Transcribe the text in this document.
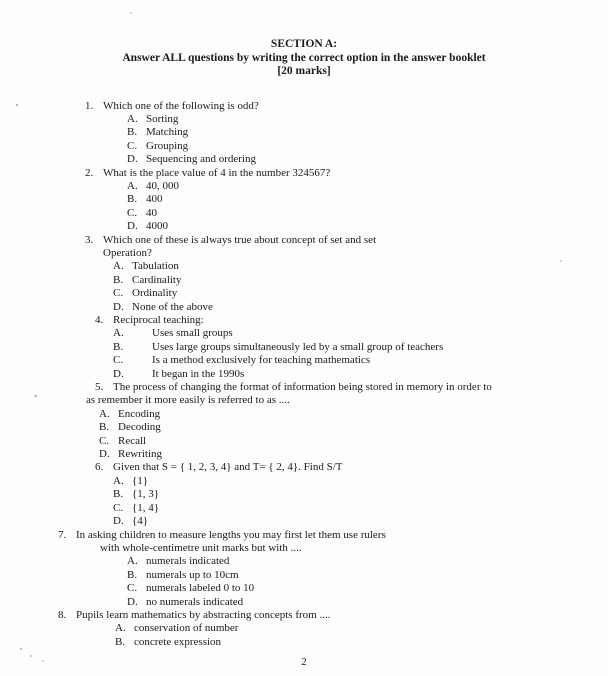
SECTION A:
Answer ALL questions by writing the correct option in the answer booklet
[20 marks]
1. Which one of the following is odd?
A. Sorting
B. Matching
C. Grouping
D. Sequencing and ordering
2. What is the place value of 4 in the number 324567?
A. 40, 000
B. 400
C. 40
D. 4000
3. Which one of these is always true about concept of set and set
Operation?
A. Tabulation
B. Cardinality
C. Ordinality
D. None of the above
4. Reciprocal teaching:
A.	Uses small groups
B.	Uses large groups simultaneously led by a small group of teachers
C.	Is a method exclusively for teaching mathematics
D.	It began in the 1990s
5. The process of changing the format of information being stored in memory in order to
as remember it more easily is referred to as ....
A. Encoding
B. Decoding
C. Recall
D. Rewriting
6. Given that S = { 1, 2, 3, 4} and T= { 2, 4}. Find S/T
A. {1}
B. {1, 3}
C. {1, 4}
D. {4}
7. In asking children to measure lengths you may first let them use rulers
with whole-centimetre unit marks but with ....
A. numerals indicated
B. numerals up to 10cm
C. numerals labeled 0 to 10
D. no numerals indicated
8. Pupils learn mathematics by abstracting concepts from ....
A. conservation of number
B. concrete expression
2
